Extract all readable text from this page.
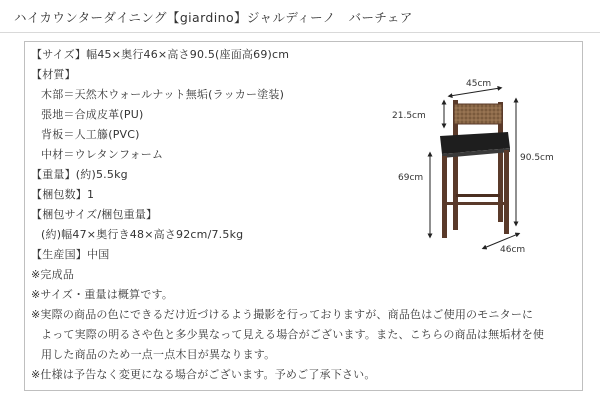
ハイカウンターダイニング【giardino】ジャルディーノ　バーチェア
【サイズ】幅45×奥行46×高さ90.5(座面高69)cm
【材質】
木部＝天然木ウォールナット無垢(ラッカー塗装)
張地＝合成皮革(PU)
背板＝人工籐(PVC)
中材＝ウレタンフォーム
【重量】(約)5.5kg
【梱包数】1
【梱包サイズ/梱包重量】
(約)幅47×奥行き48×高さ92cm/7.5kg
【生産国】中国
※完成品
※サイズ・重量は概算です。
※実際の商品の色にできるだけ近づけるよう撮影を行っておりますが、商品色はご使用のモニターに
よって実際の明るさや色と多少異なって見える場合がございます。また、こちらの商品は無垢材を使
用した商品のため一点一点木目が異なります。
※仕様は予告なく変更になる場合がございます。予めご了承下さい。
45cm
21.5cm
90.5cm
69cm
46cm
